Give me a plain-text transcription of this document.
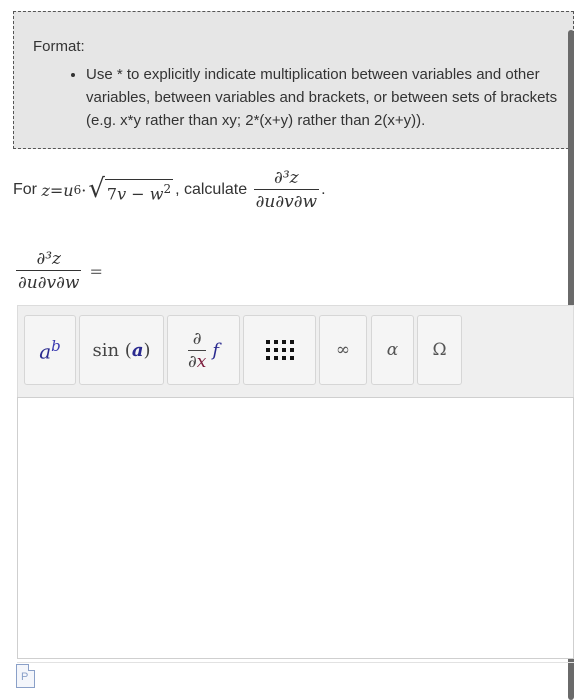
Format:
• Use * to explicitly indicate multiplication between variables and other variables, between variables and brackets, or between sets of brackets (e.g. x*y rather than xy; 2*(x+y) rather than 2(x+y)).
For
z = u 6 · √ $7v - w^2$ , calculate
$\frac{\text{∂³z}}{\partial u\partial v\partial w}$ .
$\frac{\text{∂³z}}{\partial u\partial v\partial w}$ =
$a^b$ $\sin (a) \frac{\partial}{\partial x}$ f	∞ α Ω
P
